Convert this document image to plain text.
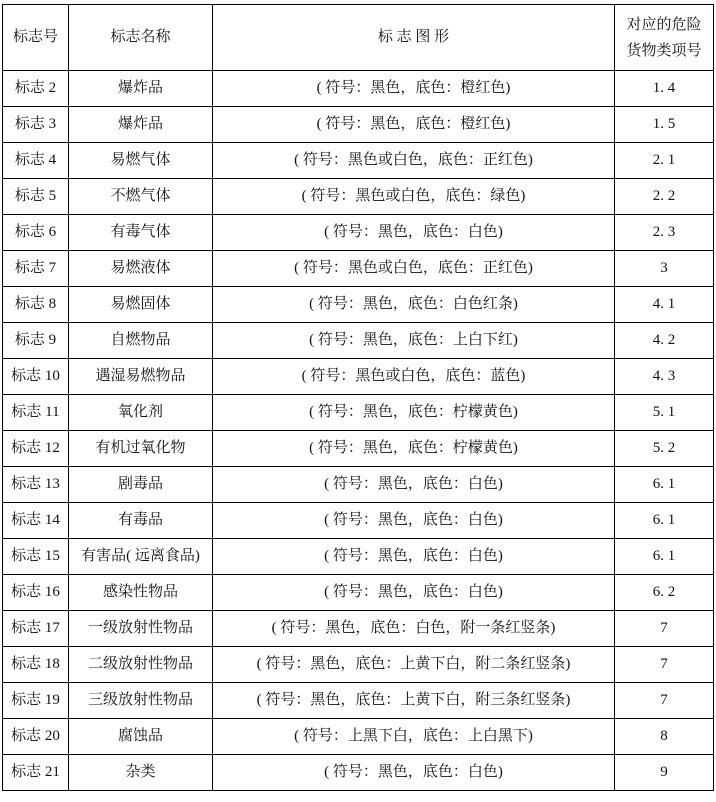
标志号	标志名称	标 志 图 形	对应的危险
货物类项号

标志 2	爆炸品	( 符号：黑色，底色：橙红色)	1. 4
标志 3	爆炸品	( 符号：黑色，底色：橙红色)	1. 5
标志 4	易燃气体	( 符号：黑色或白色，底色：正红色)	2. 1
标志 5	不燃气体	( 符号：黑色或白色，底色：绿色)	2. 2
标志 6	有毒气体	( 符号：黑色，底色：白色)	2. 3
标志 7	易燃液体	( 符号：黑色或白色，底色：正红色)	3
标志 8	易燃固体	( 符号：黑色，底色：白色红条)	4. 1
标志 9	自燃物品	( 符号：黑色，底色：上白下红)	4. 2
标志 10	遇湿易燃物品	( 符号：黑色或白色，底色：蓝色)	4. 3
标志 11	氧化剂	( 符号：黑色，底色：柠檬黄色)	5. 1
标志 12	有机过氧化物	( 符号：黑色，底色：柠檬黄色)	5. 2
标志 13	剧毒品	( 符号：黑色，底色：白色)	6. 1
标志 14	有毒品	( 符号：黑色，底色：白色)	6. 1
标志 15	有害品( 远离食品)	( 符号：黑色，底色：白色)	6. 1
标志 16	感染性物品	( 符号：黑色，底色：白色)	6. 2
标志 17	一级放射性物品	( 符号：黑色，底色：白色，附一条红竖条)	7
标志 18	二级放射性物品	( 符号：黑色，底色：上黄下白，附二条红竖条)	7
标志 19	三级放射性物品	( 符号：黑色，底色：上黄下白，附三条红竖条)	7
标志 20	腐蚀品	( 符号：上黑下白，底色：上白黑下)	8
标志 21	杂类	( 符号：黑色，底色：白色)	9
